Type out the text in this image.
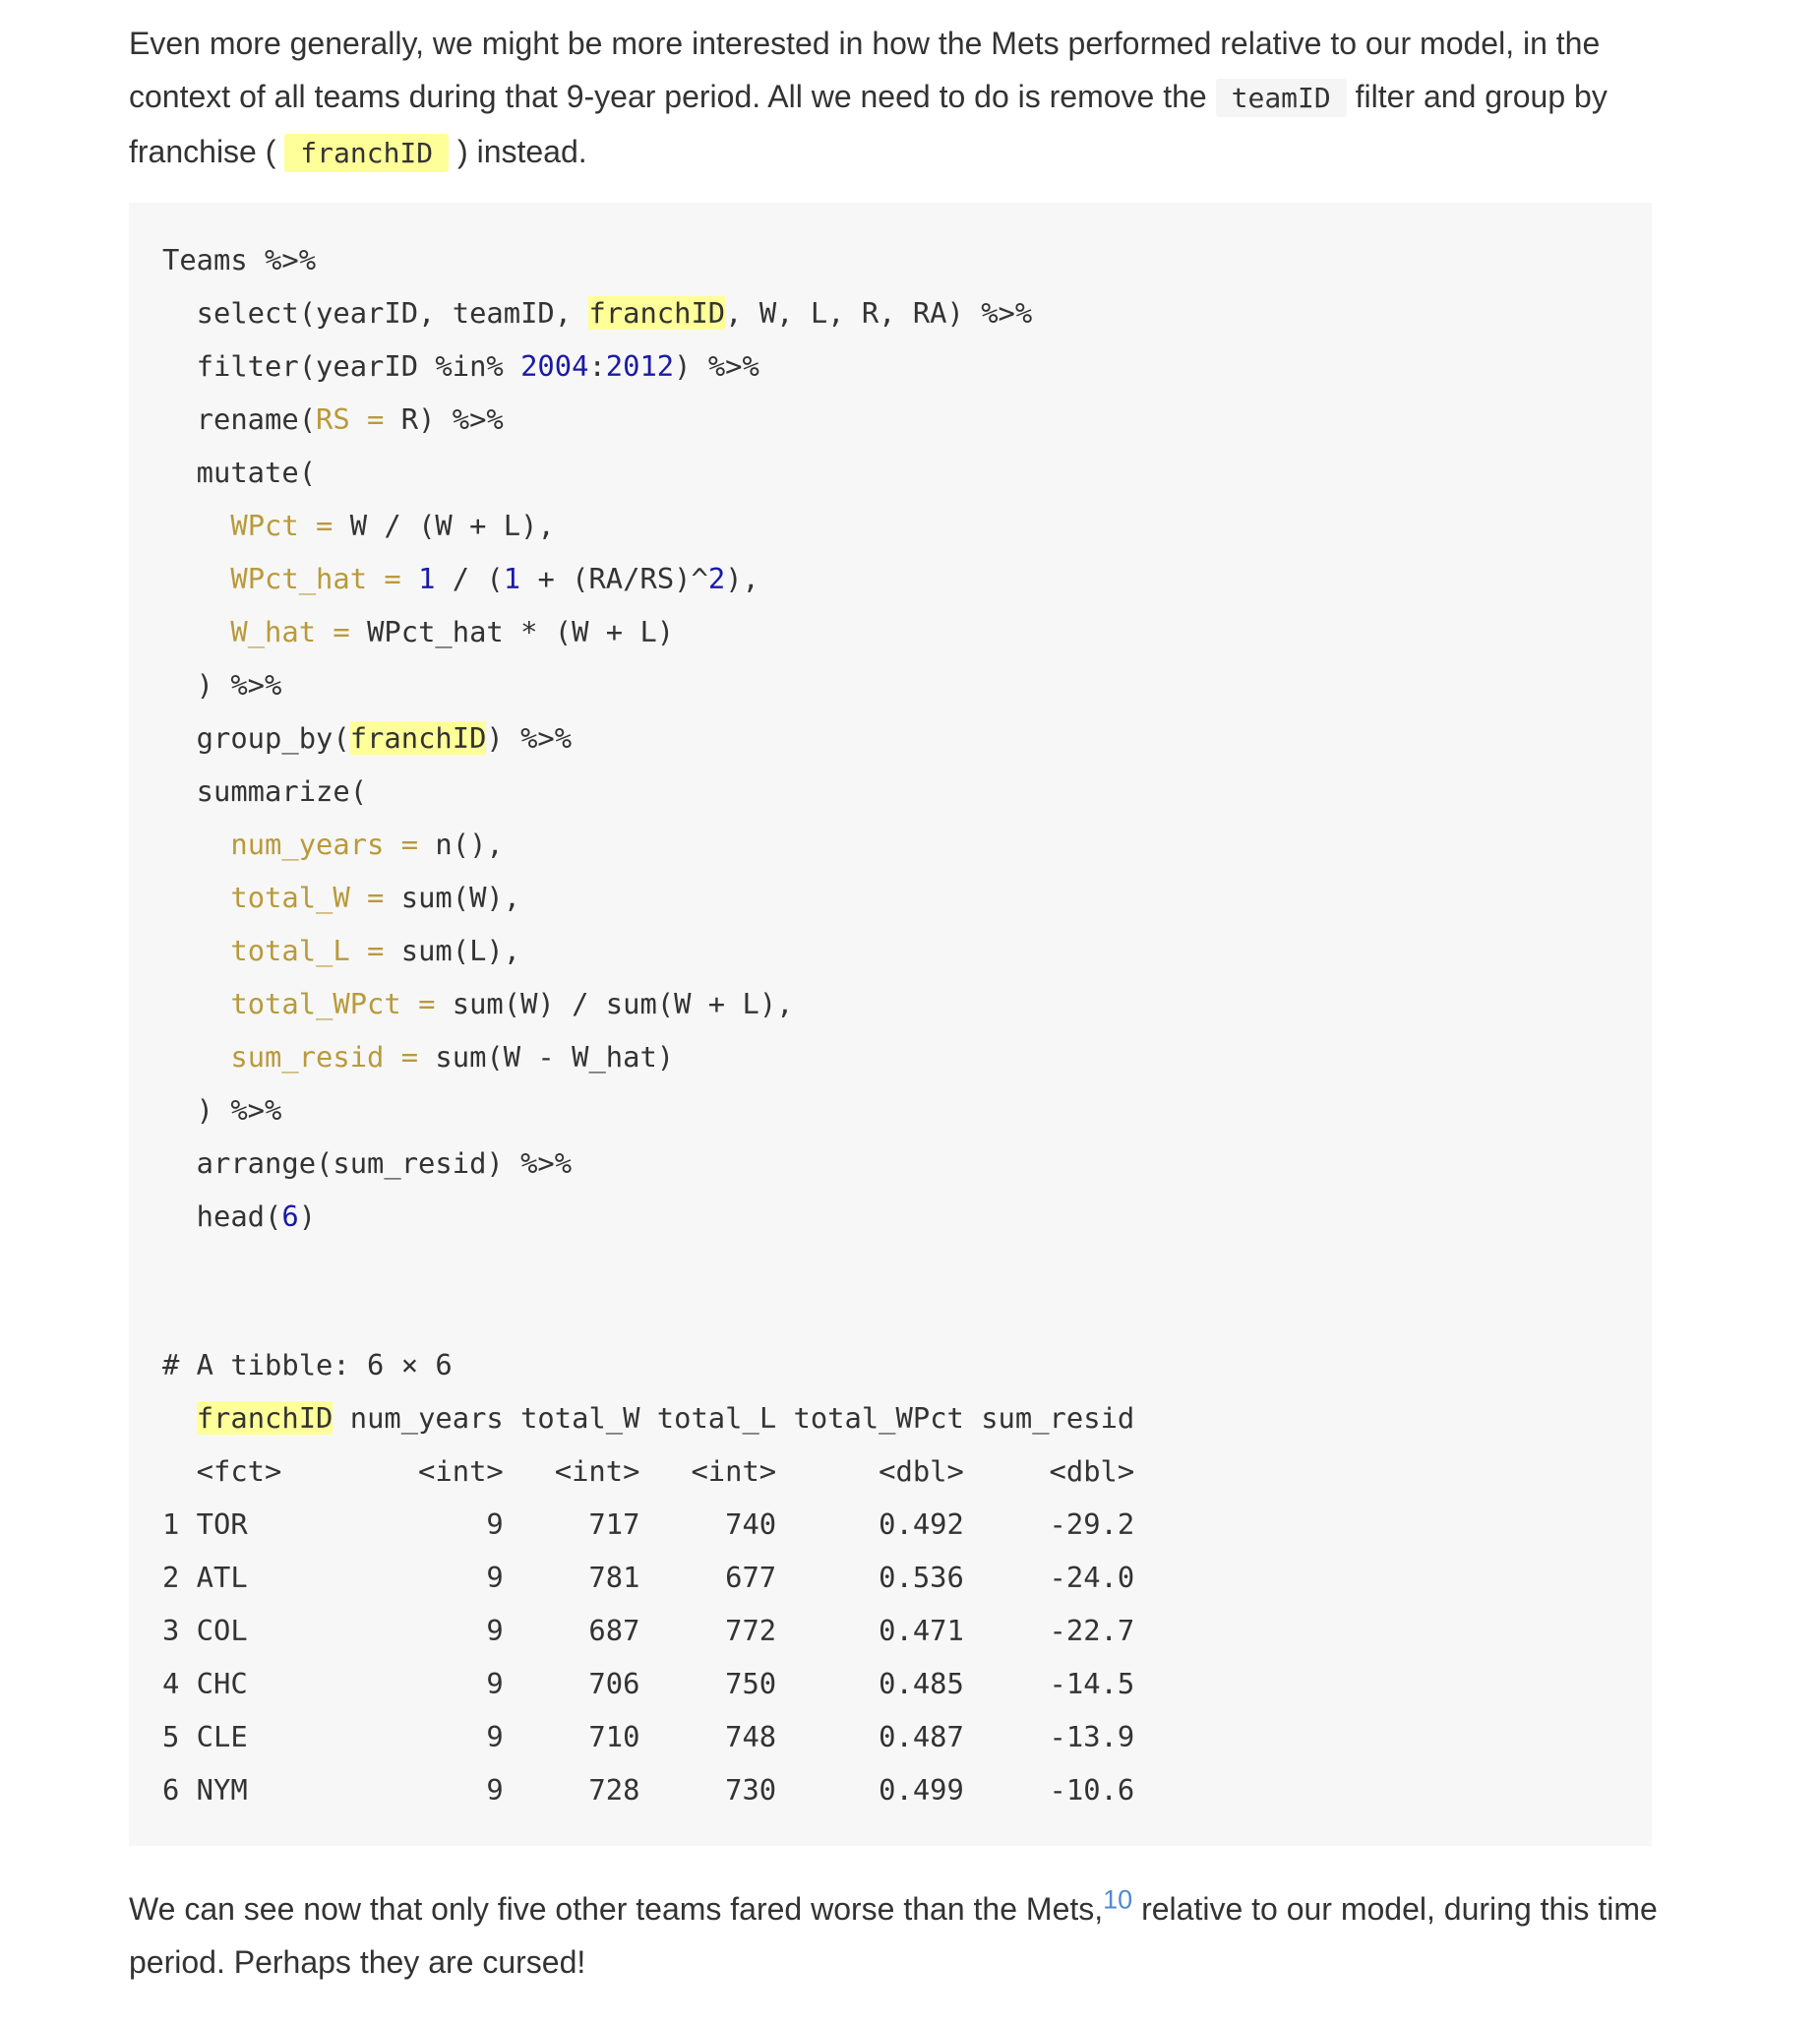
Even more generally, we might be more interested in how the Mets performed relative to our model, in the context of all teams during that 9-year period. All we need to do is remove the teamID filter and group by franchise ( franchID ) instead.

Teams %>%
select(yearID, teamID, franchID, W, L, R, RA) %>%
filter(yearID %in% 2004:2012) %>%
rename(RS = R) %>%
mutate(
WPct = W / (W + L),
WPct_hat = 1 / (1 + (RA/RS)^2),
W_hat = WPct_hat * (W + L)
) %>%
group_by(franchID) %>%
summarize(
num_years = n(),
total_W = sum(W),
total_L = sum(L),
total_WPct = sum(W) / sum(W + L),
sum_resid = sum(W - W_hat)
) %>%
arrange(sum_resid) %>%
head(6)
# A tibble: 6 × 6
franchID num_years total_W total_L total_WPct sum_resid
<fct>        <int>   <int>   <int>      <dbl>     <dbl>
1 TOR              9     717     740      0.492     -29.2
2 ATL              9     781     677      0.536     -24.0
3 COL              9     687     772      0.471     -22.7
4 CHC              9     706     750      0.485     -14.5
5 CLE              9     710     748      0.487     -13.9
6 NYM              9     728     730      0.499     -10.6

We can see now that only five other teams fared worse than the Mets,$^{10}$ relative to our model, during this time period. Perhaps they are cursed!
